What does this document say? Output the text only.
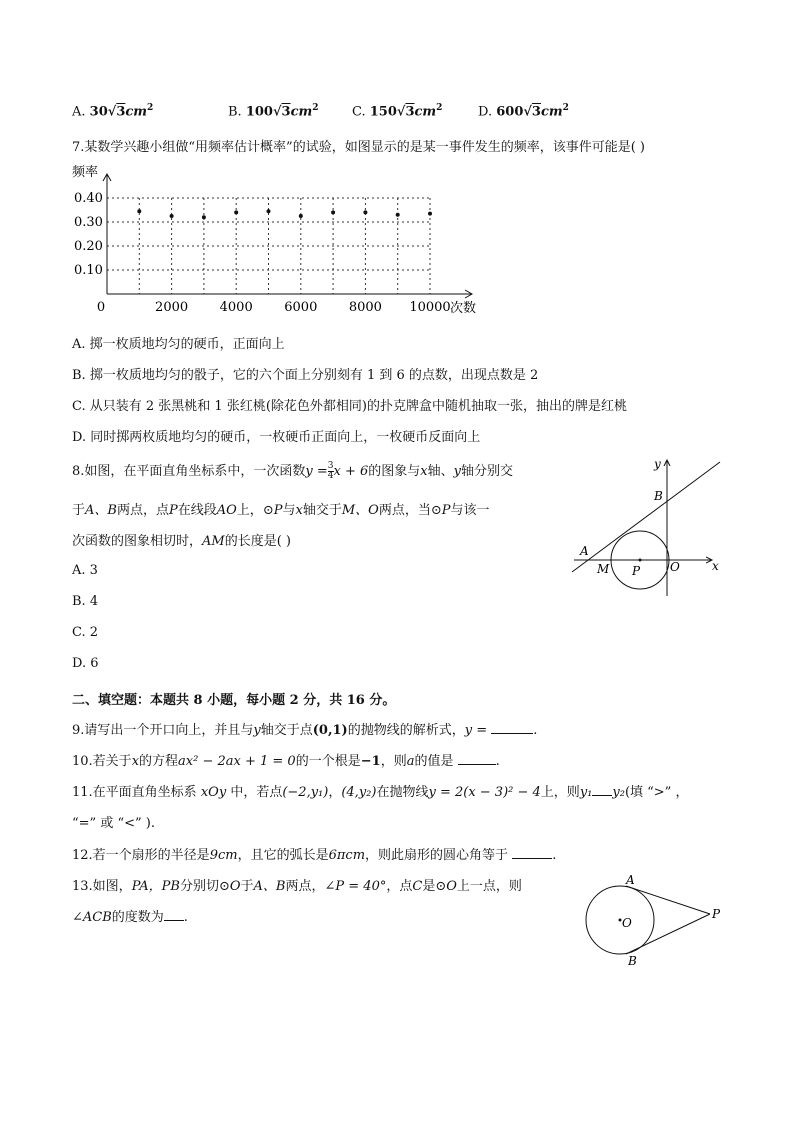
A. $30√3cm^2$	B. $100√3cm^2$	C. $150√3cm^2$	D. $600√3cm^2$
7.某数学兴趣小组做“用频率估计概率”的试验，如图显示的是某一事件发生的频率，该事件可能是( )
频率
0.10
0.20
0.30
0.40
0	2000 4000 6000 8000 10000 次数
A. 掷一枚质地均匀的硬币，正面向上
B. 掷一枚质地均匀的骰子，它的六个面上分别刻有 1 到 6 的点数，出现点数是 2
C. 从只装有 2 张黑桃和 1 张红桃(除花色外都相同)的扑克牌盒中随机抽取一张，抽出的牌是红桃
D. 同时掷两枚质地均匀的硬币，一枚硬币正面向上，一枚硬币反面向上
8.如图，在平面直角坐标系中，一次函数$y = \frac{3}{4}$ x + 6的图象与x轴、y轴分别交
于A、B两点，点P在线段AO上，⊙P与x轴交于M、O两点，当⊙P与该一
次函数的图象相切时，AM的长度是( )
A. 3
B. 4
C. 2
D. 6
y
x
B
A
M P O
二、填空题：本题共 8 小题，每小题 2 分，共 16 分。
9.请写出一个开口向上，并且与y轴交于点(0,1)的抛物线的解析式，y =	.
10.若关于x的方程ax² − 2ax + 1 = 0的一个根是−1，则a的值是	.
11.在平面直角坐标系 xOy 中，若点(−2,y₁)，(4,y₂)在抛物线y = 2(x − 3)² − 4上，则y₁ y₂(填 “>” ，
“=” 或 “<” ).
12.若一个扇形的半径是9cm，且它的弧长是6πcm，则此扇形的圆心角等于	.
13.如图，PA，PB分别切⊙O于A、B两点，∠P = 40°，点C是⊙O上一点，则
∠ACB的度数为 .
A
B
O
P
